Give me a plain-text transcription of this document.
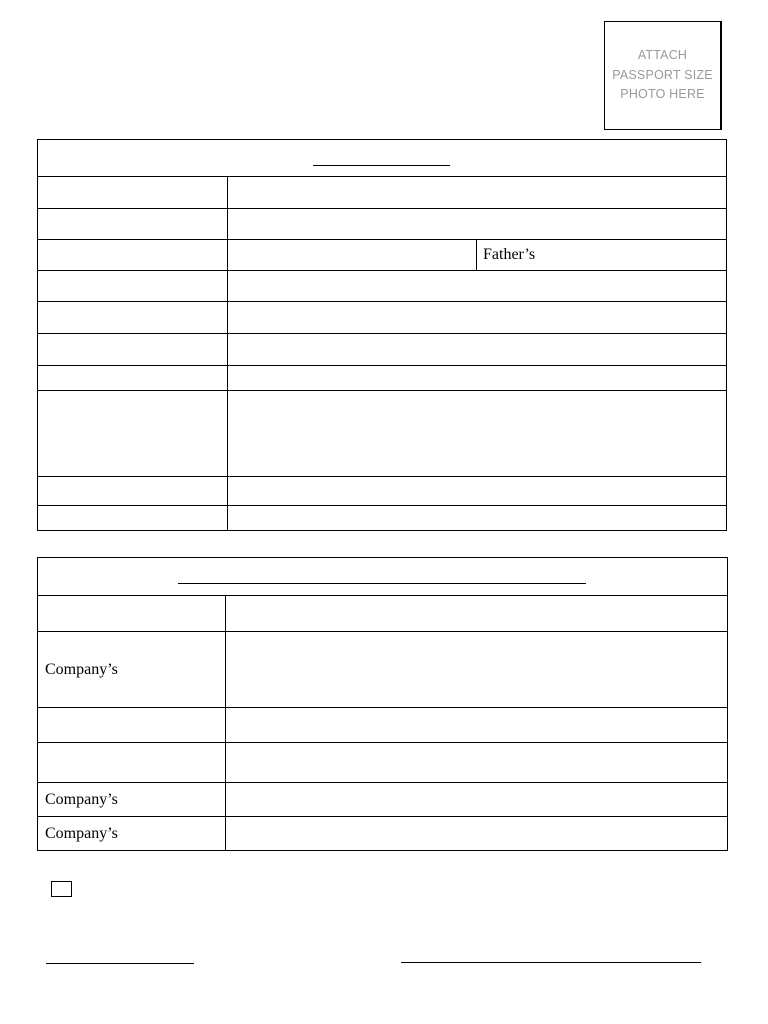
ATTACH
PASSPORT SIZE
PHOTO HERE

		Father’s

Company’s	

Company’s	
Company’s	
